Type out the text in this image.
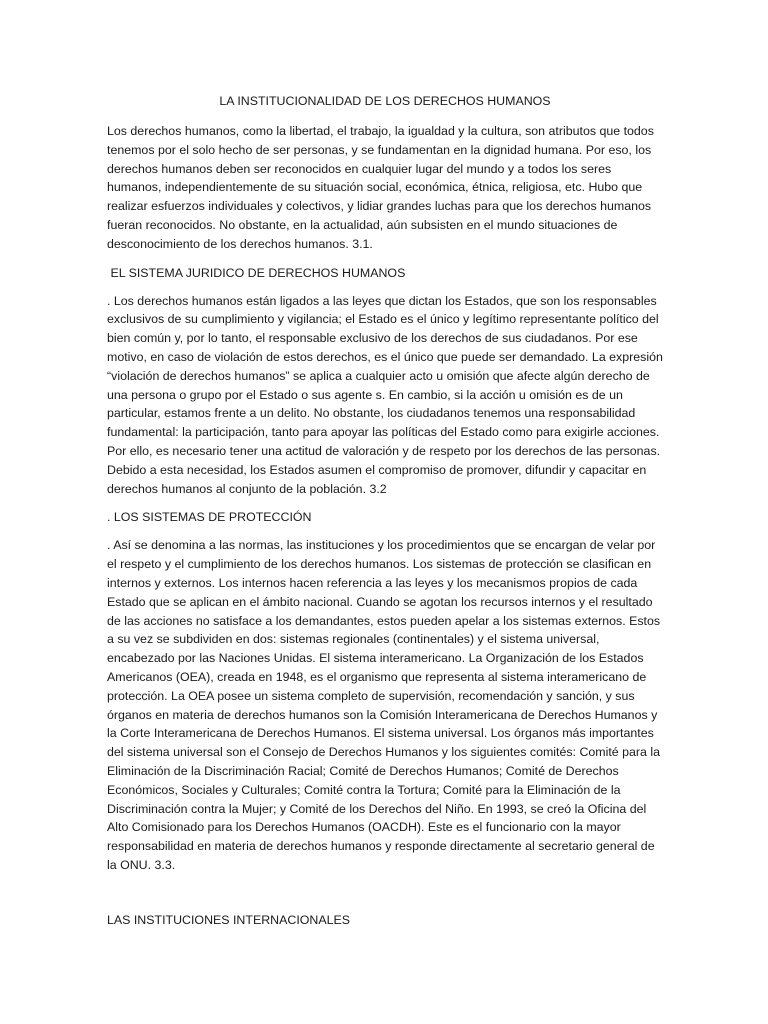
LA INSTITUCIONALIDAD DE LOS DERECHOS HUMANOS

Los derechos humanos, como la libertad, el trabajo, la igualdad y la cultura, son atributos que todos tenemos por el solo hecho de ser personas, y se fundamentan en la dignidad humana. Por eso, los derechos humanos deben ser reconocidos en cualquier lugar del mundo y a todos los seres humanos, independientemente de su situación social, económica, étnica, religiosa, etc. Hubo que realizar esfuerzos individuales y colectivos, y lidiar grandes luchas para que los derechos humanos fueran reconocidos. No obstante, en la actualidad, aún subsisten en el mundo situaciones de desconocimiento de los derechos humanos. 3.1.

EL SISTEMA JURIDICO DE DERECHOS HUMANOS

. Los derechos humanos están ligados a las leyes que dictan los Estados, que son los responsables exclusivos de su cumplimiento y vigilancia; el Estado es el único y legítimo representante político del bien común y, por lo tanto, el responsable exclusivo de los derechos de sus ciudadanos. Por ese motivo, en caso de violación de estos derechos, es el único que puede ser demandado. La expresión “violación de derechos humanos” se aplica a cualquier acto u omisión que afecte algún derecho de una persona o grupo por el Estado o sus agente s. En cambio, si la acción u omisión es de un particular, estamos frente a un delito. No obstante, los ciudadanos tenemos una responsabilidad fundamental: la participación, tanto para apoyar las políticas del Estado como para exigirle acciones. Por ello, es necesario tener una actitud de valoración y de respeto por los derechos de las personas. Debido a esta necesidad, los Estados asumen el compromiso de promover, difundir y capacitar en derechos humanos al conjunto de la población. 3.2

. LOS SISTEMAS DE PROTECCIÓN

. Así se denomina a las normas, las instituciones y los procedimientos que se encargan de velar por el respeto y el cumplimiento de los derechos humanos. Los sistemas de protección se clasifican en internos y externos. Los internos hacen referencia a las leyes y los mecanismos propios de cada Estado que se aplican en el ámbito nacional. Cuando se agotan los recursos internos y el resultado de las acciones no satisface a los demandantes, estos pueden apelar a los sistemas externos. Estos a su vez se subdividen en dos: sistemas regionales (continentales) y el sistema universal, encabezado por las Naciones Unidas. El sistema interamericano. La Organización de los Estados Americanos (OEA), creada en 1948, es el organismo que representa al sistema interamericano de protección. La OEA posee un sistema completo de supervisión, recomendación y sanción, y sus órganos en materia de derechos humanos son la Comisión Interamericana de Derechos Humanos y la Corte Interamericana de Derechos Humanos. El sistema universal. Los órganos más importantes del sistema universal son el Consejo de Derechos Humanos y los siguientes comités: Comité para la Eliminación de la Discriminación Racial; Comité de Derechos Humanos; Comité de Derechos Económicos, Sociales y Culturales; Comité contra la Tortura; Comité para la Eliminación de la Discriminación contra la Mujer; y Comité de los Derechos del Niño. En 1993, se creó la Oficina del Alto Comisionado para los Derechos Humanos (OACDH). Este es el funcionario con la mayor responsabilidad en materia de derechos humanos y responde directamente al secretario general de la ONU. 3.3.

LAS INSTITUCIONES INTERNACIONALES
